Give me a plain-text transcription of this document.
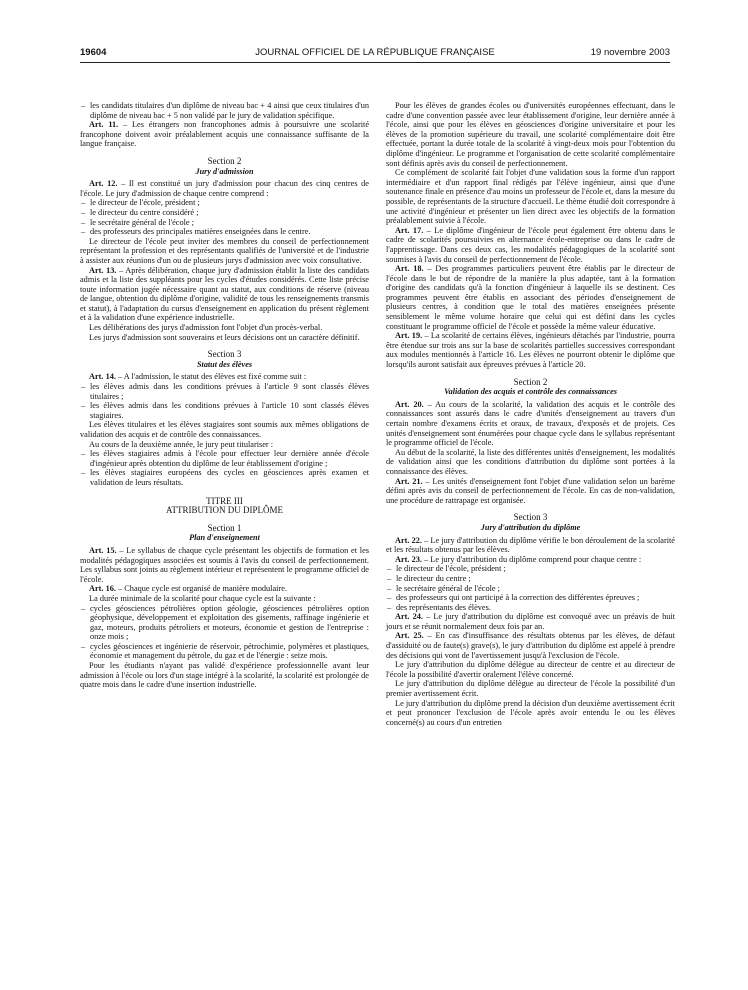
19604	JOURNAL OFFICIEL DE LA RÉPUBLIQUE FRANÇAISE	19 novembre 2003

– les candidats titulaires d'un diplôme de niveau bac + 4 ainsi que ceux titulaires d'un diplôme de niveau bac + 5 non validé par le jury de validation spécifique.

Art. 11. – Les étrangers non francophones admis à poursuivre une scolarité francophone doivent avoir préalablement acquis une connaissance suffisante de la langue française.

Section 2

Jury d'admission

Art. 12. – Il est constitué un jury d'admission pour chacun des cinq centres de l'école. Le jury d'admission de chaque centre comprend :

– le directeur de l'école, président ;

– le directeur du centre considéré ;

– le secrétaire général de l'école ;

– des professeurs des principales matières enseignées dans le centre.

Le directeur de l'école peut inviter des membres du conseil de perfectionnement représentant la profession et des représentants qualifiés de l'université et de l'industrie à assister aux réunions d'un ou de plusieurs jurys d'admission avec voix consultative.

Art. 13. – Après délibération, chaque jury d'admission établit la liste des candidats admis et la liste des suppléants pour les cycles d'études considérés. Cette liste précise toute information jugée nécessaire quant au statut, aux conditions de réserve (niveau de langue, obtention du diplôme d'origine, validité de tous les renseignements transmis et statut), à l'adaptation du cursus d'enseignement en application du présent règlement et à la validation d'une expérience industrielle.

Les délibérations des jurys d'admission font l'objet d'un procès-verbal.

Les jurys d'admission sont souverains et leurs décisions ont un caractère définitif.

Section 3

Statut des élèves

Art. 14. – A l'admission, le statut des élèves est fixé comme suit :

– les élèves admis dans les conditions prévues à l'article 9 sont classés élèves titulaires ;

– les élèves admis dans les conditions prévues à l'article 10 sont classés élèves stagiaires.

Les élèves titulaires et les élèves stagiaires sont soumis aux mêmes obligations de validation des acquis et de contrôle des connaissances.

Au cours de la deuxième année, le jury peut titulariser :

– les élèves stagiaires admis à l'école pour effectuer leur dernière année d'école d'ingénieur après obtention du diplôme de leur établissement d'origine ;

– les élèves stagiaires européens des cycles en géosciences après examen et validation de leurs résultats.

TITRE III

ATTRIBUTION DU DIPLÔME

Section 1

Plan d'enseignement

Art. 15. – Le syllabus de chaque cycle présentant les objectifs de formation et les modalités pédagogiques associées est soumis à l'avis du conseil de perfectionnement. Les syllabus sont joints au règlement intérieur et représentent le programme officiel de l'école.

Art. 16. – Chaque cycle est organisé de manière modulaire.

La durée minimale de la scolarité pour chaque cycle est la suivante :

– cycles géosciences pétrolières option géologie, géosciences pétrolières option géophysique, développement et exploitation des gisements, raffinage ingénierie et gaz, moteurs, produits pétroliers et moteurs, économie et gestion de l'entreprise : onze mois ;

– cycles géosciences et ingénierie de réservoir, pétrochimie, polymères et plastiques, économie et management du pétrole, du gaz et de l'énergie : seize mois.

Pour les étudiants n'ayant pas validé d'expérience professionnelle avant leur admission à l'école ou lors d'un stage intégré à la scolarité, la scolarité est prolongée de quatre mois dans le cadre d'une insertion industrielle.

Pour les élèves de grandes écoles ou d'universités européennes effectuant, dans le cadre d'une convention passée avec leur établissement d'origine, leur dernière année à l'école, ainsi que pour les élèves en géosciences d'origine universitaire et pour les élèves de la promotion supérieure du travail, une scolarité complémentaire doit être effectuée, portant la durée totale de la scolarité à vingt-deux mois pour l'obtention du diplôme d'ingénieur. Le programme et l'organisation de cette scolarité complémentaire sont définis après avis du conseil de perfectionnement.

Ce complément de scolarité fait l'objet d'une validation sous la forme d'un rapport intermédiaire et d'un rapport final rédigés par l'élève ingénieur, ainsi que d'une soutenance finale en présence d'au moins un professeur de l'école et, dans la mesure du possible, de représentants de la structure d'accueil. Le thème étudié doit correspondre à une activité d'ingénieur et présenter un lien direct avec les objectifs de la formation préalablement suivie à l'école.

Art. 17. – Le diplôme d'ingénieur de l'école peut également être obtenu dans le cadre de scolarités poursuivies en alternance école-entreprise ou dans le cadre de l'apprentissage. Dans ces deux cas, les modalités pédagogiques de la scolarité sont soumises à l'avis du conseil de perfectionnement de l'école.

Art. 18. – Des programmes particuliers peuvent être établis par le directeur de l'école dans le but de répondre de la manière la plus adaptée, tant à la formation d'origine des candidats qu'à la fonction d'ingénieur à laquelle ils se destinent. Ces programmes peuvent être établis en associant des périodes d'enseignement de plusieurs centres, à condition que le total des matières enseignées présente sensiblement le même volume horaire que celui qui est défini dans les cycles constituant le programme officiel de l'école et possède la même valeur éducative.

Art. 19. – La scolarité de certains élèves, ingénieurs détachés par l'industrie, pourra être étendue sur trois ans sur la base de scolarités partielles successives correspondant aux modules mentionnés à l'article 16. Les élèves ne pourront obtenir le diplôme que lorsqu'ils auront satisfait aux épreuves prévues à l'article 20.

Section 2

Validation des acquis et contrôle des connaissances

Art. 20. – Au cours de la scolarité, la validation des acquis et le contrôle des connaissances sont assurés dans le cadre d'unités d'enseignement au travers d'un certain nombre d'examens écrits et oraux, de travaux, d'exposés et de projets. Ces unités d'enseignement sont énumérées pour chaque cycle dans le syllabus représentant le programme officiel de l'école.

Au début de la scolarité, la liste des différentes unités d'enseignement, les modalités de validation ainsi que les conditions d'attribution du diplôme sont portées à la connaissance des élèves.

Art. 21. – Les unités d'enseignement font l'objet d'une validation selon un barème défini après avis du conseil de perfectionnement de l'école. En cas de non-validation, une procédure de rattrapage est organisée.

Section 3

Jury d'attribution du diplôme

Art. 22. – Le jury d'attribution du diplôme vérifie le bon déroulement de la scolarité et les résultats obtenus par les élèves.

Art. 23. – Le jury d'attribution du diplôme comprend pour chaque centre :

– le directeur de l'école, président ;

– le directeur du centre ;

– le secrétaire général de l'école ;

– des professeurs qui ont participé à la correction des différentes épreuves ;

– des représentants des élèves.

Art. 24. – Le jury d'attribution du diplôme est convoqué avec un préavis de huit jours et se réunit normalement deux fois par an.

Art. 25. – En cas d'insuffisance des résultats obtenus par les élèves, de défaut d'assiduité ou de faute(s) grave(s), le jury d'attribution du diplôme est appelé à prendre des décisions qui vont de l'avertissement jusqu'à l'exclusion de l'école.

Le jury d'attribution du diplôme délègue au directeur de centre et au directeur de l'école la possibilité d'avertir oralement l'élève concerné.

Le jury d'attribution du diplôme délègue au directeur de l'école la possibilité d'un premier avertissement écrit.

Le jury d'attribution du diplôme prend la décision d'un deuxième avertissement écrit et peut prononcer l'exclusion de l'école après avoir entendu le ou les élèves concerné(s) au cours d'un entretien
